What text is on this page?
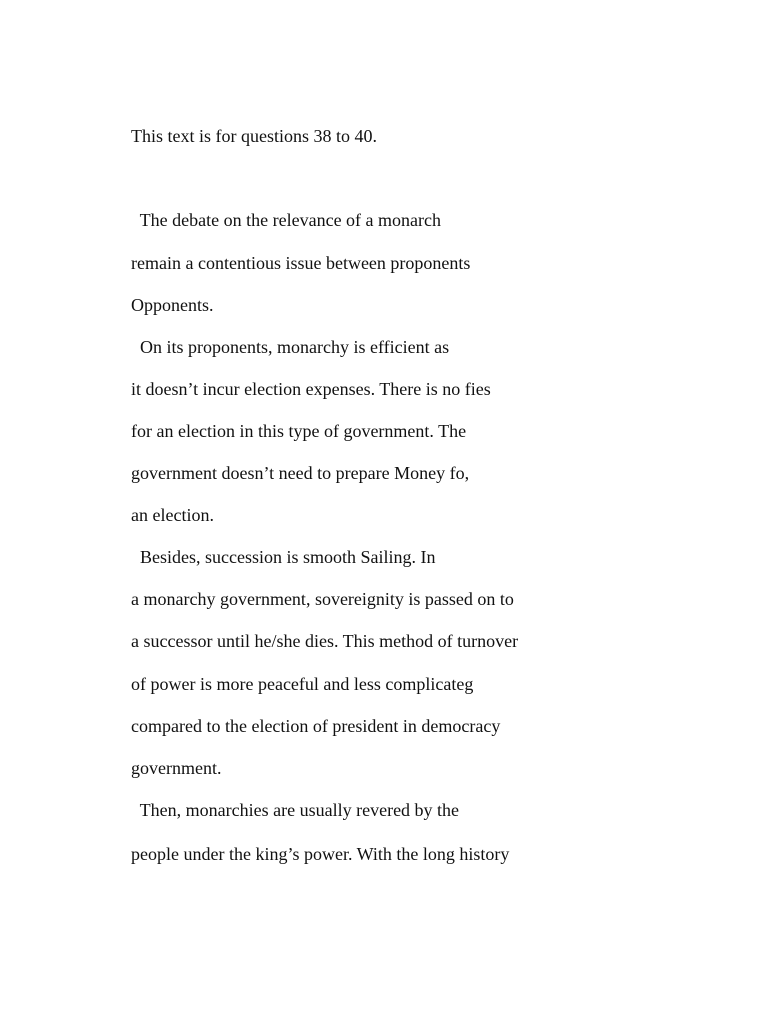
This text is for questions 38 to 40.

The debate on the relevance of a monarch

remain a contentious issue between proponents

Opponents.

On its proponents, monarchy is efficient as

it doesn’t incur election expenses. There is no fies

for an election in this type of government. The

government doesn’t need to prepare Money fo,

an election.

Besides, succession is smooth Sailing. In

a monarchy government, sovereignity is passed on to

a successor until he/she dies. This method of turnover

of power is more peaceful and less complicateg

compared to the election of president in democracy

government.

Then, monarchies are usually revered by the

people under the king’s power. With the long history
